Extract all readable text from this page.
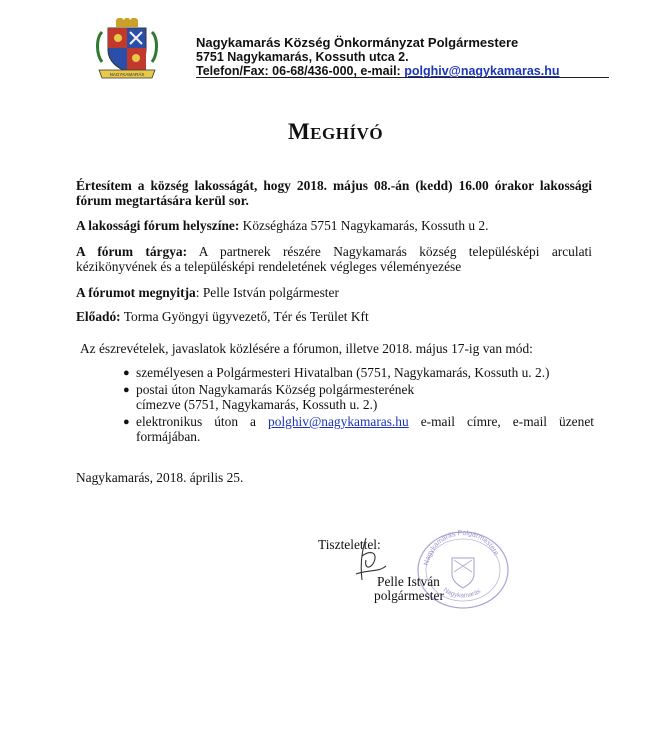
NAGYKAMARÁS
Nagykamarás Község Önkormányzat Polgármestere
5751 Nagykamarás, Kossuth utca 2.
Telefon/Fax: 06-68/436-000, e-mail: polghiv@nagykamaras.hu
MEGHÍVÓ
Értesítem a község lakosságát, hogy 2018. május 08.-án (kedd) 16.00 órakor lakossági fórum megtartására kerül sor.
A lakossági fórum helyszíne: Községháza 5751 Nagykamarás, Kossuth u 2.
A fórum tárgya: A partnerek részére Nagykamarás község településképi arculati kézikönyvének és a településképi rendeletének végleges véleményezése
A fórumot megnyitja: Pelle István polgármester
Előadó: Torma Gyöngyi ügyvezető, Tér és Terület Kft
Az észrevételek, javaslatok közlésére a fórumon, illetve 2018. május 17-ig van mód:
● személyesen a Polgármesteri Hivatalban (5751, Nagykamarás, Kossuth u. 2.)
● postai úton Nagykamarás Község polgármesterének
címezve (5751, Nagykamarás, Kossuth u. 2.)
● elektronikus úton a polghiv@nagykamaras.hu e-mail címre, e-mail üzenet formájában.
Nagykamarás, 2018. április 25.
Tisztelettel:
Nagykamarás Polgármestere
Nagykamarás
Pelle István
polgármester
